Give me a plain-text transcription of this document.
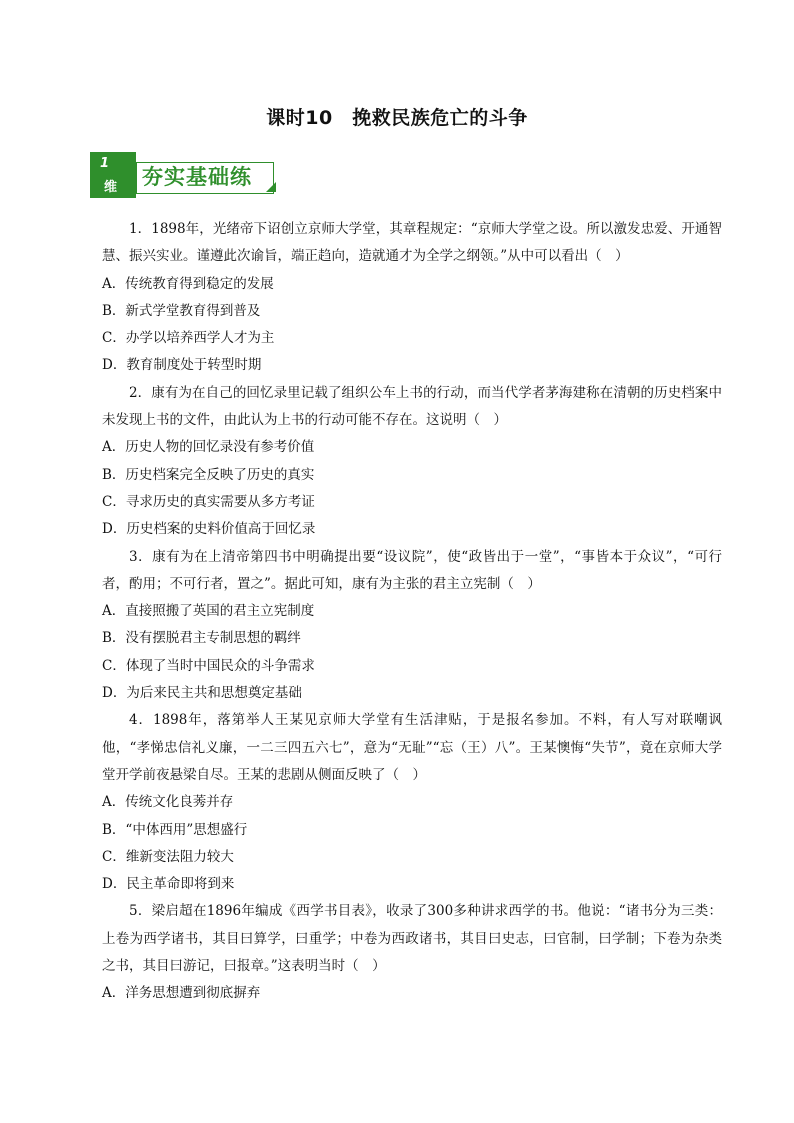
课时10　挽救民族危亡的斗争
1
维 夯实基础练

1．1898年，光绪帝下诏创立京师大学堂，其章程规定：“京师大学堂之设。所以激发忠爱、开通智慧、振兴实业。谨遵此次谕旨，端正趋向，造就通才为全学之纲领。”从中可以看出（　）

A．传统教育得到稳定的发展

B．新式学堂教育得到普及

C．办学以培养西学人才为主

D．教育制度处于转型时期

2．康有为在自己的回忆录里记载了组织公车上书的行动，而当代学者茅海建称在清朝的历史档案中未发现上书的文件，由此认为上书的行动可能不存在。这说明（　）

A．历史人物的回忆录没有参考价值

B．历史档案完全反映了历史的真实

C．寻求历史的真实需要从多方考证

D．历史档案的史料价值高于回忆录

3．康有为在上清帝第四书中明确提出要“设议院”，使“政皆出于一堂”，“事皆本于众议”，“可行者，酌用；不可行者，置之”。据此可知，康有为主张的君主立宪制（　）

A．直接照搬了英国的君主立宪制度

B．没有摆脱君主专制思想的羁绊

C．体现了当时中国民众的斗争需求

D．为后来民主共和思想奠定基础

4．1898年，落第举人王某见京师大学堂有生活津贴，于是报名参加。不料，有人写对联嘲讽他，“孝悌忠信礼义廉，一二三四五六七”，意为“无耻”“忘（王）八”。王某懊悔“失节”，竟在京师大学堂开学前夜悬梁自尽。王某的悲剧从侧面反映了（　）

A．传统文化良莠并存

B．“中体西用”思想盛行

C．维新变法阻力较大

D．民主革命即将到来

5．梁启超在1896年编成《西学书目表》，收录了300多种讲求西学的书。他说：“诸书分为三类：上卷为西学诸书，其目曰算学，曰重学；中卷为西政诸书，其目曰史志，曰官制，曰学制；下卷为杂类之书，其目曰游记，曰报章。”这表明当时（　）

A．洋务思想遭到彻底摒弃
